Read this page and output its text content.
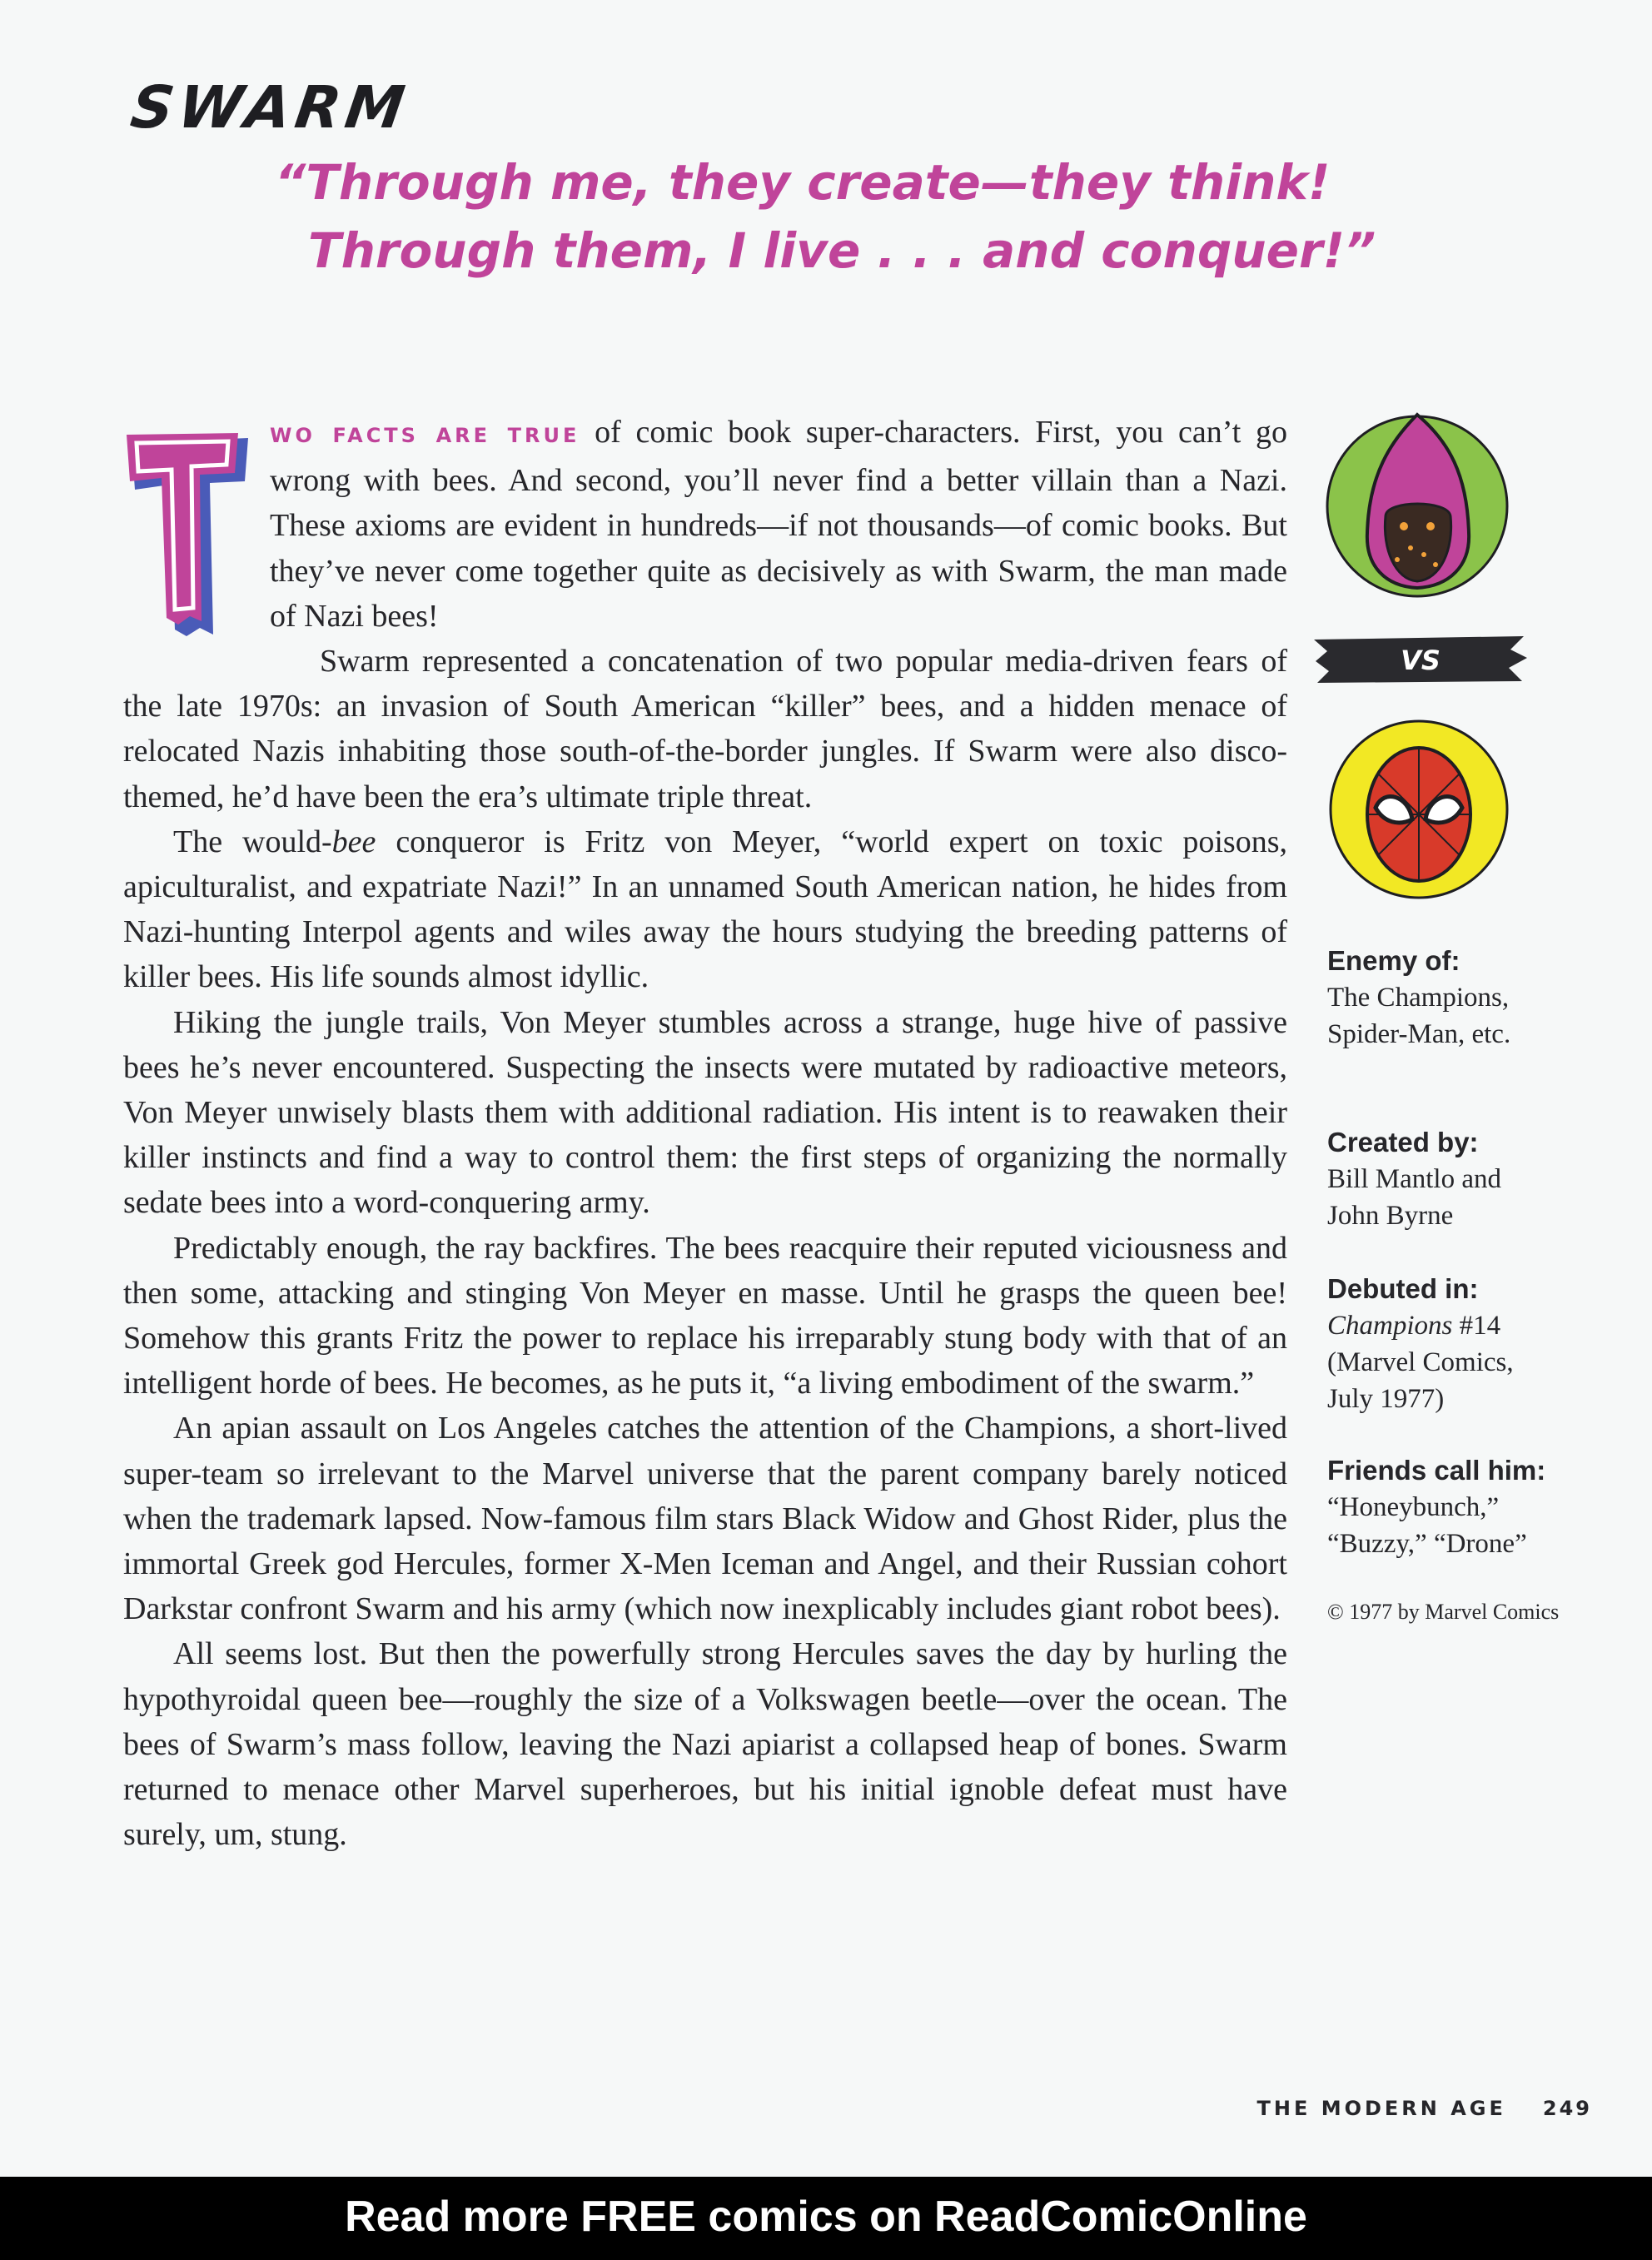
SWARM
“Through me, they create—they think!
Through them, I live . . . and conquer!”

T
WO FACTS ARE TRUE of comic book super-characters. First, you can’t go wrong with bees. And second, you’ll never find a better villain than a Nazi. These axioms are evident in hundreds—if not thousands—of comic books. But they’ve never come together quite as decisively as with Swarm, the man made of Nazi bees!

Swarm represented a concatenation of two popular media-driven fears of the late 1970s: an invasion of South American “killer” bees, and a hidden menace of relocated Nazis inhabiting those south-of-the-border jungles. If Swarm were also disco-themed, he’d have been the era’s ultimate triple threat.

The would-bee conqueror is Fritz von Meyer, “world expert on toxic poisons, apiculturalist, and expatriate Nazi!” In an unnamed South American nation, he hides from Nazi-hunting Interpol agents and wiles away the hours studying the breeding patterns of killer bees. His life sounds almost idyllic.

Hiking the jungle trails, Von Meyer stumbles across a strange, huge hive of passive bees he’s never encountered. Suspecting the insects were mutated by radioactive meteors, Von Meyer unwisely blasts them with additional radiation. His intent is to reawaken their killer instincts and find a way to control them: the first steps of organizing the normally sedate bees into a word-conquering army.

Predictably enough, the ray backfires. The bees reacquire their reputed viciousness and then some, attacking and stinging Von Meyer en masse. Until he grasps the queen bee! Somehow this grants Fritz the power to replace his irreparably stung body with that of an intelligent horde of bees. He becomes, as he puts it, “a living embodiment of the swarm.”

An apian assault on Los Angeles catches the attention of the Champions, a short-lived super-team so irrelevant to the Marvel universe that the parent company barely noticed when the trademark lapsed. Now-famous film stars Black Widow and Ghost Rider, plus the immortal Greek god Hercules, former X-Men Iceman and Angel, and their Russian cohort Darkstar confront Swarm and his army (which now inexplicably includes giant robot bees).

All seems lost. But then the powerfully strong Hercules saves the day by hurling the hypothyroidal queen bee—roughly the size of a Volkswagen beetle—over the ocean. The bees of Swarm’s mass follow, leaving the Nazi apiarist a collapsed heap of bones. Swarm returned to menace other Marvel superheroes, but his initial ignoble defeat must have surely, um, stung.

VS
Enemy of:

The Champions,

Spider-Man, etc.

Created by:

Bill Mantlo and

John Byrne

Debuted in:

Champions #14

(Marvel Comics,

July 1977)

Friends call him:

“Honeybunch,”

“Buzzy,” “Drone”

© 1977 by Marvel Comics

THE MODERN AGE 249
Read more FREE comics on ReadComicOnline
